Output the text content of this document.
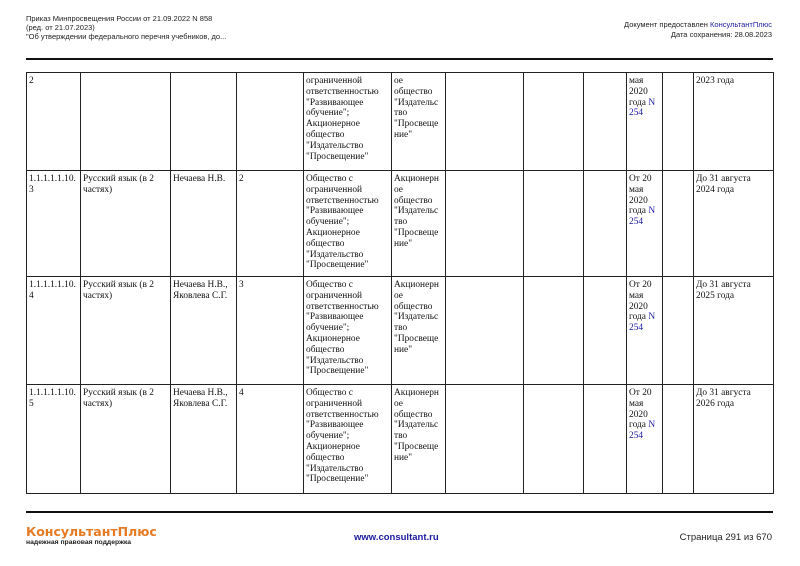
Приказ Минпросвещения России от 21.09.2022 N 858
(ред. от 21.07.2023)
"Об утверждении федерального перечня учебников, до...
Документ предоставлен КонсультантПлюс
Дата сохранения: 28.08.2023
2				ограниченной ответственностью "Развивающее обучение"; Акционерное общество "Издательство "Просвещение"	ое общество "Издательс тво "Просвеще ние"				мая 2020 года N 254		2023 года
1.1.1.1.1.10. 3	Русский язык (в 2 частях)	Нечаева Н.В.	2	Общество с ограниченной ответственностью "Развивающее обучение"; Акционерное общество "Издательство "Просвещение"	Акционерн ое общество "Издательс тво "Просвеще ние"				От 20 мая 2020 года N 254		До 31 августа 2024 года
1.1.1.1.1.10. 4	Русский язык (в 2 частях)	Нечаева Н.В., Яковлева С.Г.	3	Общество с ограниченной ответственностью "Развивающее обучение"; Акционерное общество "Издательство "Просвещение"	Акционерн ое общество "Издательс тво "Просвеще ние"				От 20 мая 2020 года N 254		До 31 августа 2025 года
1.1.1.1.1.10. 5	Русский язык (в 2 частях)	Нечаева Н.В., Яковлева С.Г.	4	Общество с ограниченной ответственностью "Развивающее обучение"; Акционерное общество "Издательство "Просвещение"	Акционерн ое общество "Издательс тво "Просвеще ние"				От 20 мая 2020 года N 254		До 31 августа 2026 года
КонсультантПлюс
надежная правовая поддержка	www.consultant.ru	Страница 291 из 670
